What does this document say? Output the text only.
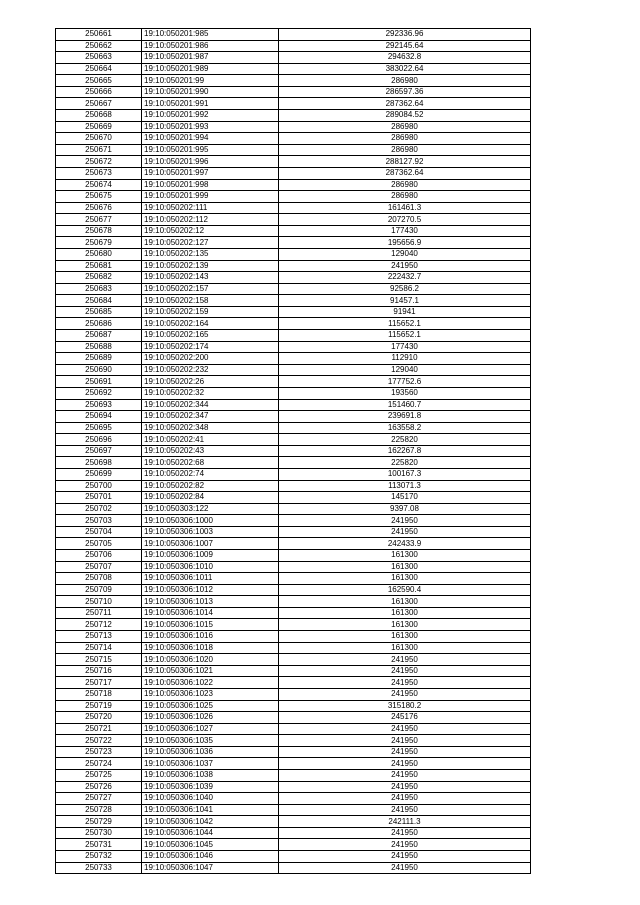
250661	19:10:050201:985	292336.96
250662	19:10:050201:986	292145.64
250663	19:10:050201:987	294632.8
250664	19:10:050201:989	383022.64
250665	19:10:050201:99	286980
250666	19:10:050201:990	286597.36
250667	19:10:050201:991	287362.64
250668	19:10:050201:992	289084.52
250669	19:10:050201:993	286980
250670	19:10:050201:994	286980
250671	19:10:050201:995	286980
250672	19:10:050201:996	288127.92
250673	19:10:050201:997	287362.64
250674	19:10:050201:998	286980
250675	19:10:050201:999	286980
250676	19:10:050202:111	161461.3
250677	19:10:050202:112	207270.5
250678	19:10:050202:12	177430
250679	19:10:050202:127	195656.9
250680	19:10:050202:135	129040
250681	19:10:050202:139	241950
250682	19:10:050202:143	222432.7
250683	19:10:050202:157	92586.2
250684	19:10:050202:158	91457.1
250685	19:10:050202:159	91941
250686	19:10:050202:164	115652.1
250687	19:10:050202:165	115652.1
250688	19:10:050202:174	177430
250689	19:10:050202:200	112910
250690	19:10:050202:232	129040
250691	19:10:050202:26	177752.6
250692	19:10:050202:32	193560
250693	19:10:050202:344	151460.7
250694	19:10:050202:347	239691.8
250695	19:10:050202:348	163558.2
250696	19:10:050202:41	225820
250697	19:10:050202:43	162267.8
250698	19:10:050202:68	225820
250699	19:10:050202:74	100167.3
250700	19:10:050202:82	113071.3
250701	19:10:050202:84	145170
250702	19:10:050303:122	9397.08
250703	19:10:050306:1000	241950
250704	19:10:050306:1003	241950
250705	19:10:050306:1007	242433.9
250706	19:10:050306:1009	161300
250707	19:10:050306:1010	161300
250708	19:10:050306:1011	161300
250709	19:10:050306:1012	162590.4
250710	19:10:050306:1013	161300
250711	19:10:050306:1014	161300
250712	19:10:050306:1015	161300
250713	19:10:050306:1016	161300
250714	19:10:050306:1018	161300
250715	19:10:050306:1020	241950
250716	19:10:050306:1021	241950
250717	19:10:050306:1022	241950
250718	19:10:050306:1023	241950
250719	19:10:050306:1025	315180.2
250720	19:10:050306:1026	245176
250721	19:10:050306:1027	241950
250722	19:10:050306:1035	241950
250723	19:10:050306:1036	241950
250724	19:10:050306:1037	241950
250725	19:10:050306:1038	241950
250726	19:10:050306:1039	241950
250727	19:10:050306:1040	241950
250728	19:10:050306:1041	241950
250729	19:10:050306:1042	242111.3
250730	19:10:050306:1044	241950
250731	19:10:050306:1045	241950
250732	19:10:050306:1046	241950
250733	19:10:050306:1047	241950
